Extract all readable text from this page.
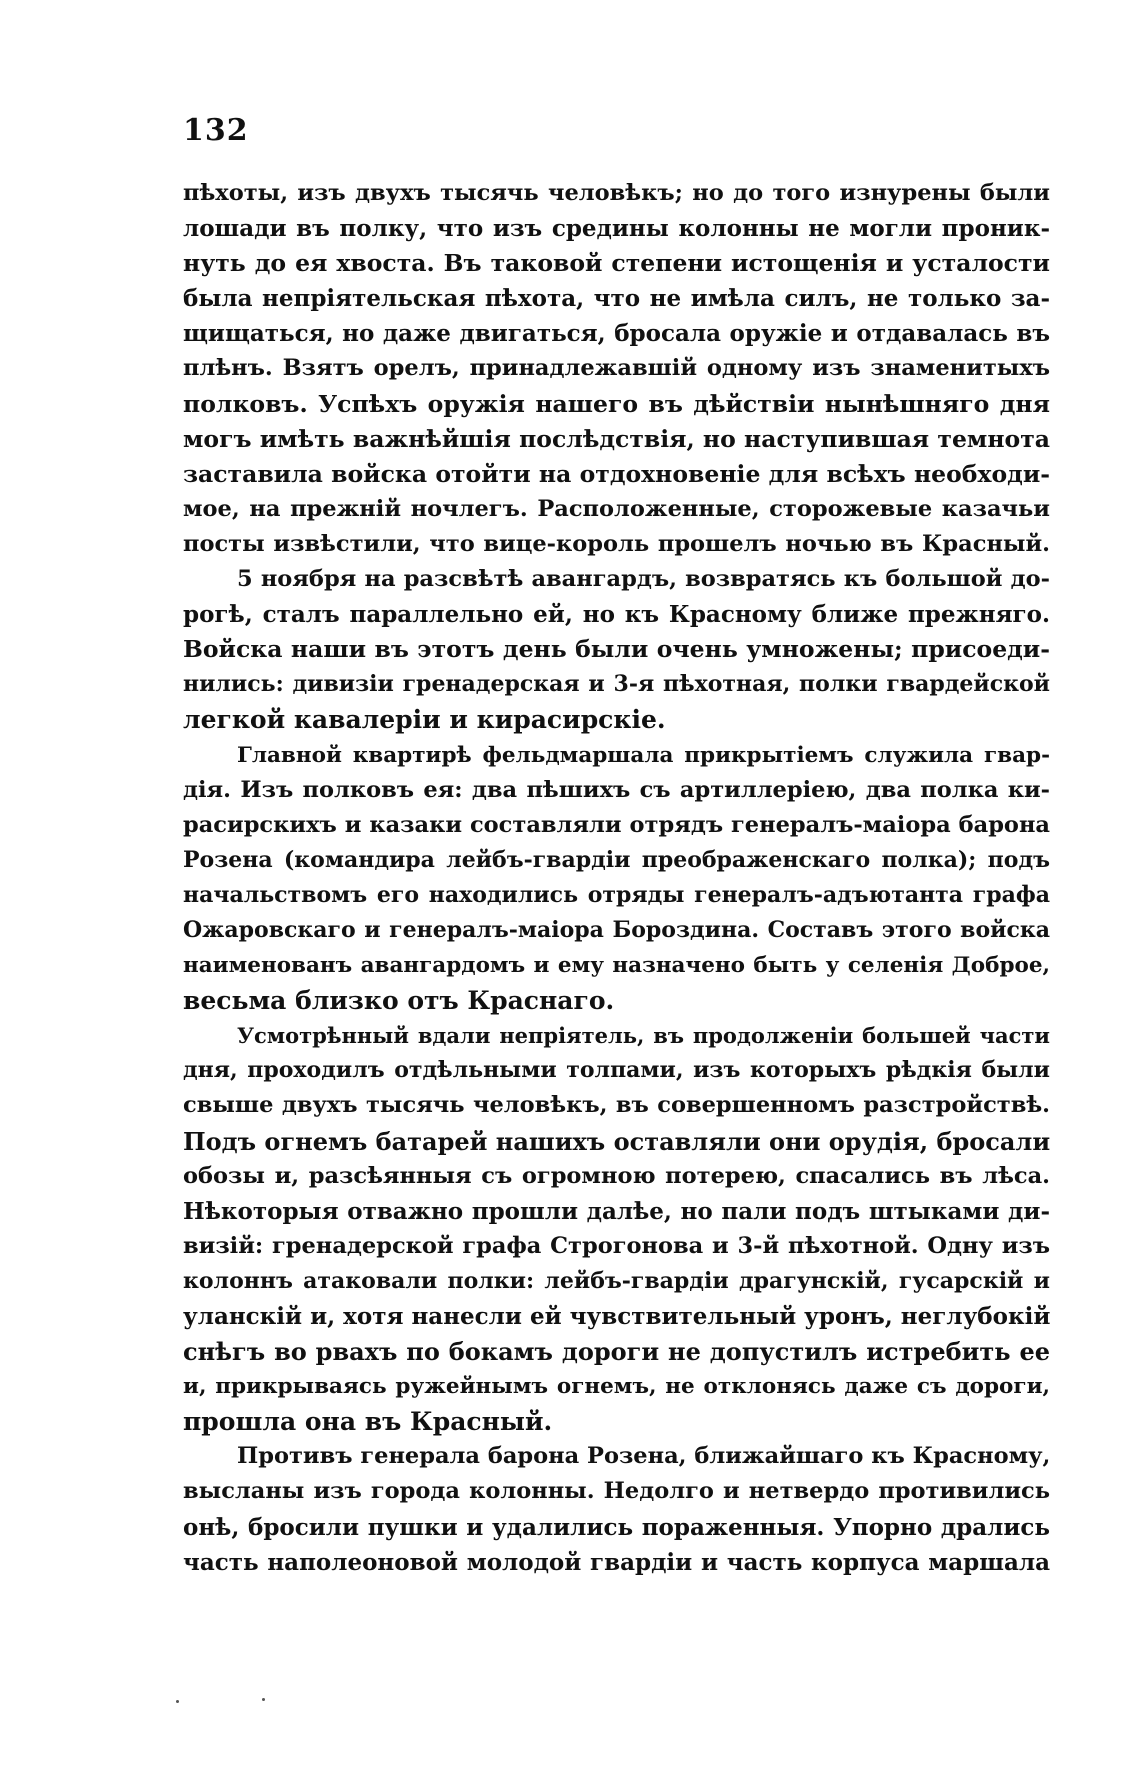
132
пѣхоты, изъ двухъ тысячь человѣкъ; но до того изнурены были
лошади въ полку, что изъ средины колонны не могли проник-
нуть до ея хвоста. Въ таковой степени истощенія и усталости
была непріятельская пѣхота, что не имѣла силъ, не только за-
щищаться, но даже двигаться, бросала оружіе и отдавалась въ
плѣнъ. Взятъ орелъ, принадлежавшій одному изъ знаменитыхъ
полковъ. Успѣхъ оружія нашего въ дѣйствіи нынѣшняго дня
могъ имѣть важнѣйшія послѣдствія, но наступившая темнота
заставила войска отойти на отдохновеніе для всѣхъ необходи-
мое, на прежній ночлегъ. Расположенные, сторожевые казачьи
посты извѣстили, что вице-король прошелъ ночью въ Красный.
5 ноября на разсвѣтѣ авангардъ, возвратясь къ большой до-
рогѣ, сталъ параллельно ей, но къ Красному ближе прежняго.
Войска наши въ этотъ день были очень умножены; присоеди-
нились: дивизіи гренадерская и 3-я пѣхотная, полки гвардейской
легкой кавалеріи и кирасирскіе.
Главной квартирѣ фельдмаршала прикрытіемъ служила гвар-
дія. Изъ полковъ ея: два пѣшихъ съ артиллеріею, два полка ки-
расирскихъ и казаки составляли отрядъ генералъ-маіора барона
Розена (командира лейбъ-гвардіи преображенскаго полка); подъ
начальствомъ его находились отряды генералъ-адъютанта графа
Ожаровскаго и генералъ-маіора Бороздина. Составъ этого войска
наименованъ авангардомъ и ему назначено быть у селенія Доброе,
весьма близко отъ Краснаго.
Усмотрѣнный вдали непріятель, въ продолженіи большей части
дня, проходилъ отдѣльными толпами, изъ которыхъ рѣдкія были
свыше двухъ тысячь человѣкъ, въ совершенномъ разстройствѣ.
Подъ огнемъ батарей нашихъ оставляли они орудія, бросали
обозы и, разсѣянныя съ огромною потерею, спасались въ лѣса.
Нѣкоторыя отважно прошли далѣе, но пали подъ штыками ди-
визій: гренадерской графа Строгонова и 3-й пѣхотной. Одну изъ
колоннъ атаковали полки: лейбъ-гвардіи драгунскій, гусарскій и
уланскій и, хотя нанесли ей чувствительный уронъ, неглубокій
снѣгъ во рвахъ по бокамъ дороги не допустилъ истребить ее
и, прикрываясь ружейнымъ огнемъ, не отклонясь даже съ дороги,
прошла она въ Красный.
Противъ генерала барона Розена, ближайшаго къ Красному,
высланы изъ города колонны. Недолго и нетвердо противились
онѣ, бросили пушки и удалились пораженныя. Упорно дрались
часть наполеоновой молодой гвардіи и часть корпуса маршала
